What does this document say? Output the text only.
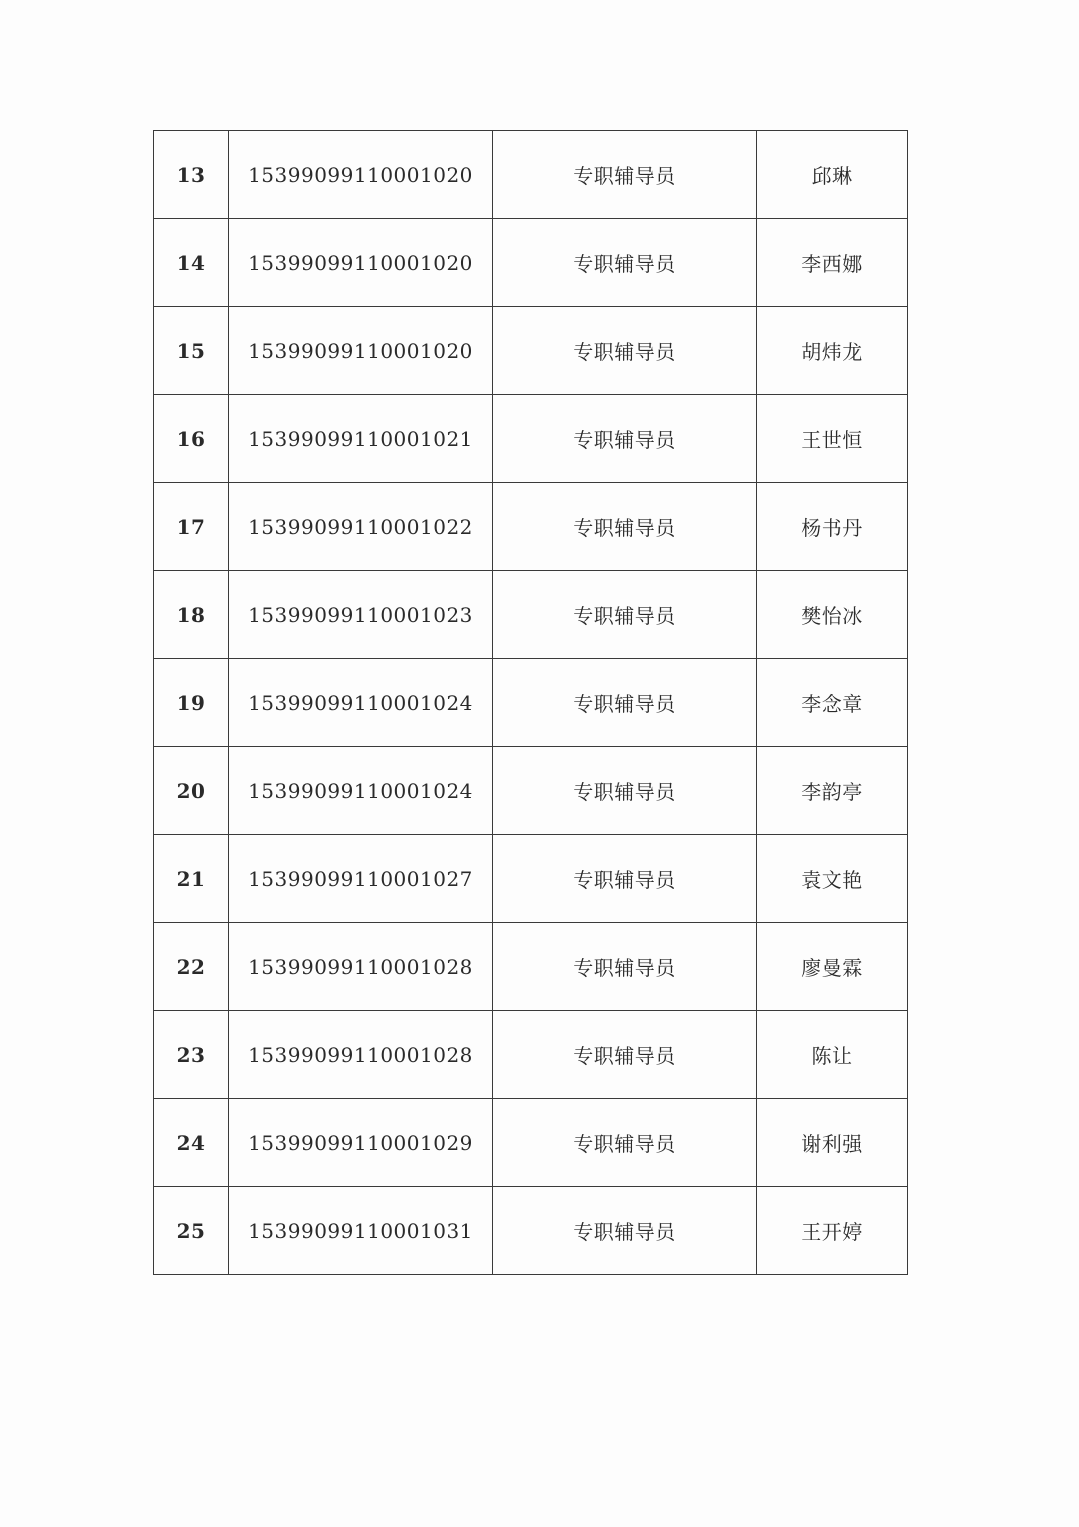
13	15399099110001020	专职辅导员	邱琳
14	15399099110001020	专职辅导员	李西娜
15	15399099110001020	专职辅导员	胡炜龙
16	15399099110001021	专职辅导员	王世恒
17	15399099110001022	专职辅导员	杨书丹
18	15399099110001023	专职辅导员	樊怡冰
19	15399099110001024	专职辅导员	李念章
20	15399099110001024	专职辅导员	李韵亭
21	15399099110001027	专职辅导员	袁文艳
22	15399099110001028	专职辅导员	廖曼霖
23	15399099110001028	专职辅导员	陈让
24	15399099110001029	专职辅导员	谢利强
25	15399099110001031	专职辅导员	王开婷
